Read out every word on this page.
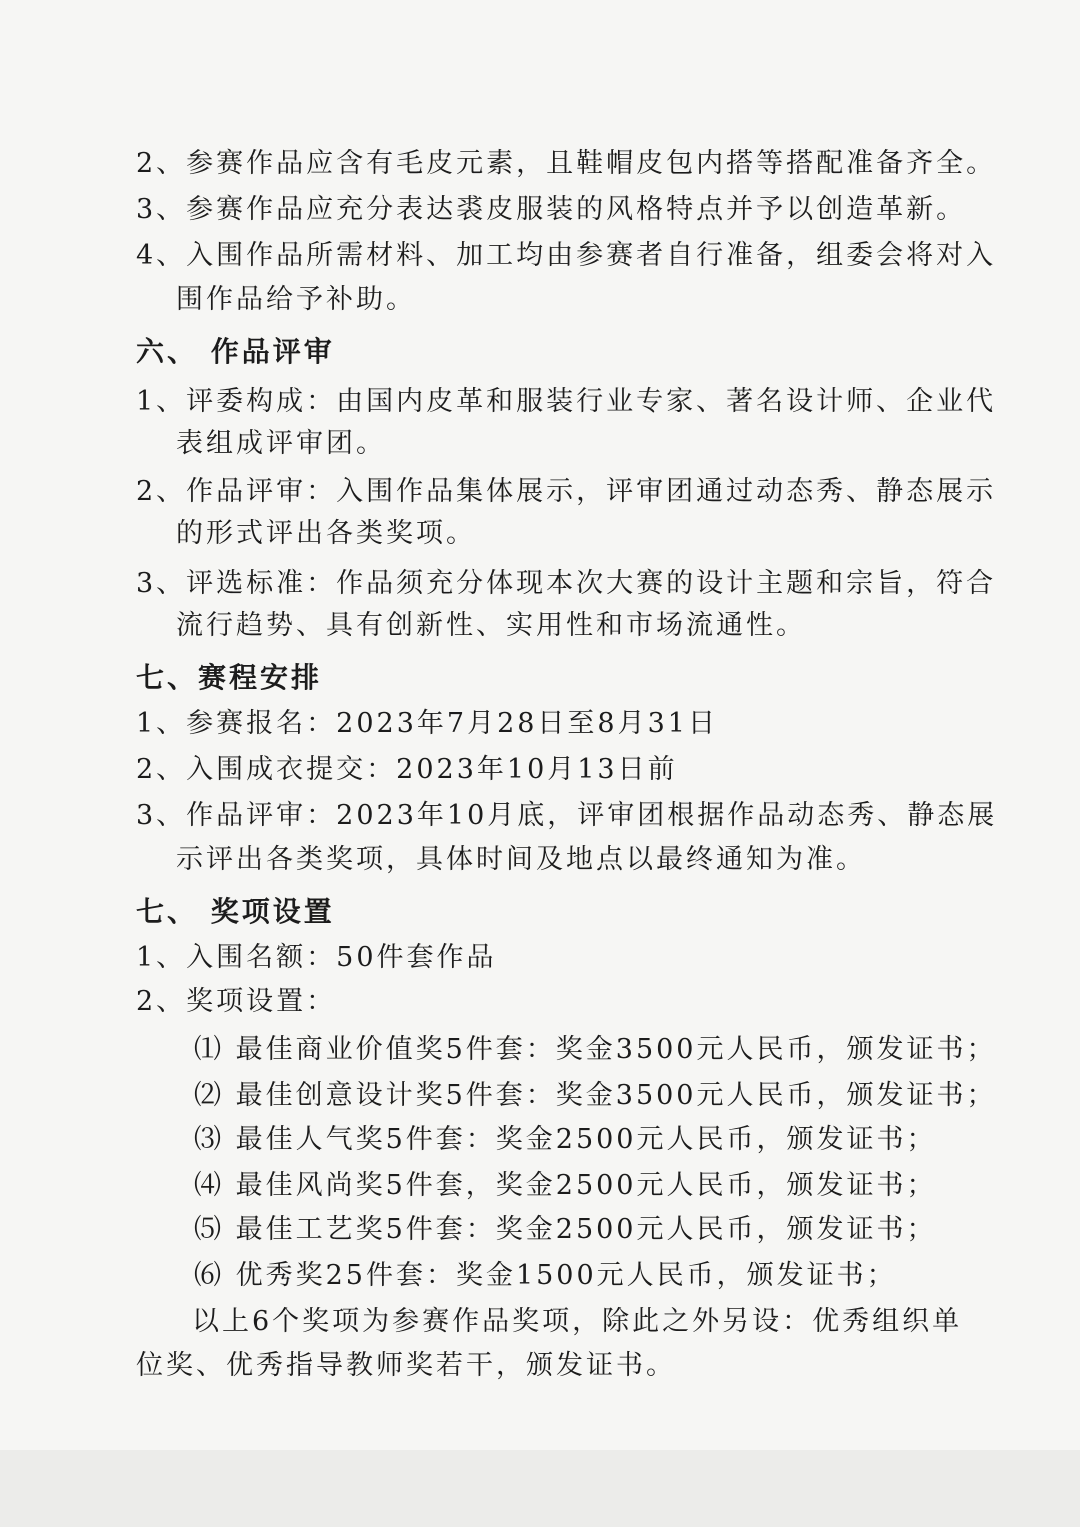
2、参赛作品应含有毛皮元素，且鞋帽皮包内搭等搭配准备齐全。
3、参赛作品应充分表达裘皮服装的风格特点并予以创造革新。
4、入围作品所需材料、加工均由参赛者自行准备，组委会将对入
围作品给予补助。
六、 作品评审
1、评委构成：由国内皮革和服装行业专家、著名设计师、企业代
表组成评审团。
2、作品评审：入围作品集体展示，评审团通过动态秀、静态展示
的形式评出各类奖项。
3、评选标准：作品须充分体现本次大赛的设计主题和宗旨，符合
流行趋势、具有创新性、实用性和市场流通性。
七、赛程安排
1、参赛报名：2023年7月28日至8月31日
2、入围成衣提交：2023年10月13日前
3、作品评审：2023年10月底，评审团根据作品动态秀、静态展
示评出各类奖项，具体时间及地点以最终通知为准。
七、 奖项设置
1、入围名额：50件套作品
2、奖项设置：
⑴ 最佳商业价值奖5件套：奖金3500元人民币，颁发证书；
⑵ 最佳创意设计奖5件套：奖金3500元人民币，颁发证书；
⑶ 最佳人气奖5件套：奖金2500元人民币，颁发证书；
⑷ 最佳风尚奖5件套，奖金2500元人民币，颁发证书；
⑸ 最佳工艺奖5件套：奖金2500元人民币，颁发证书；
⑹ 优秀奖25件套：奖金1500元人民币，颁发证书；
以上6个奖项为参赛作品奖项，除此之外另设：优秀组织单
位奖、优秀指导教师奖若干，颁发证书。
